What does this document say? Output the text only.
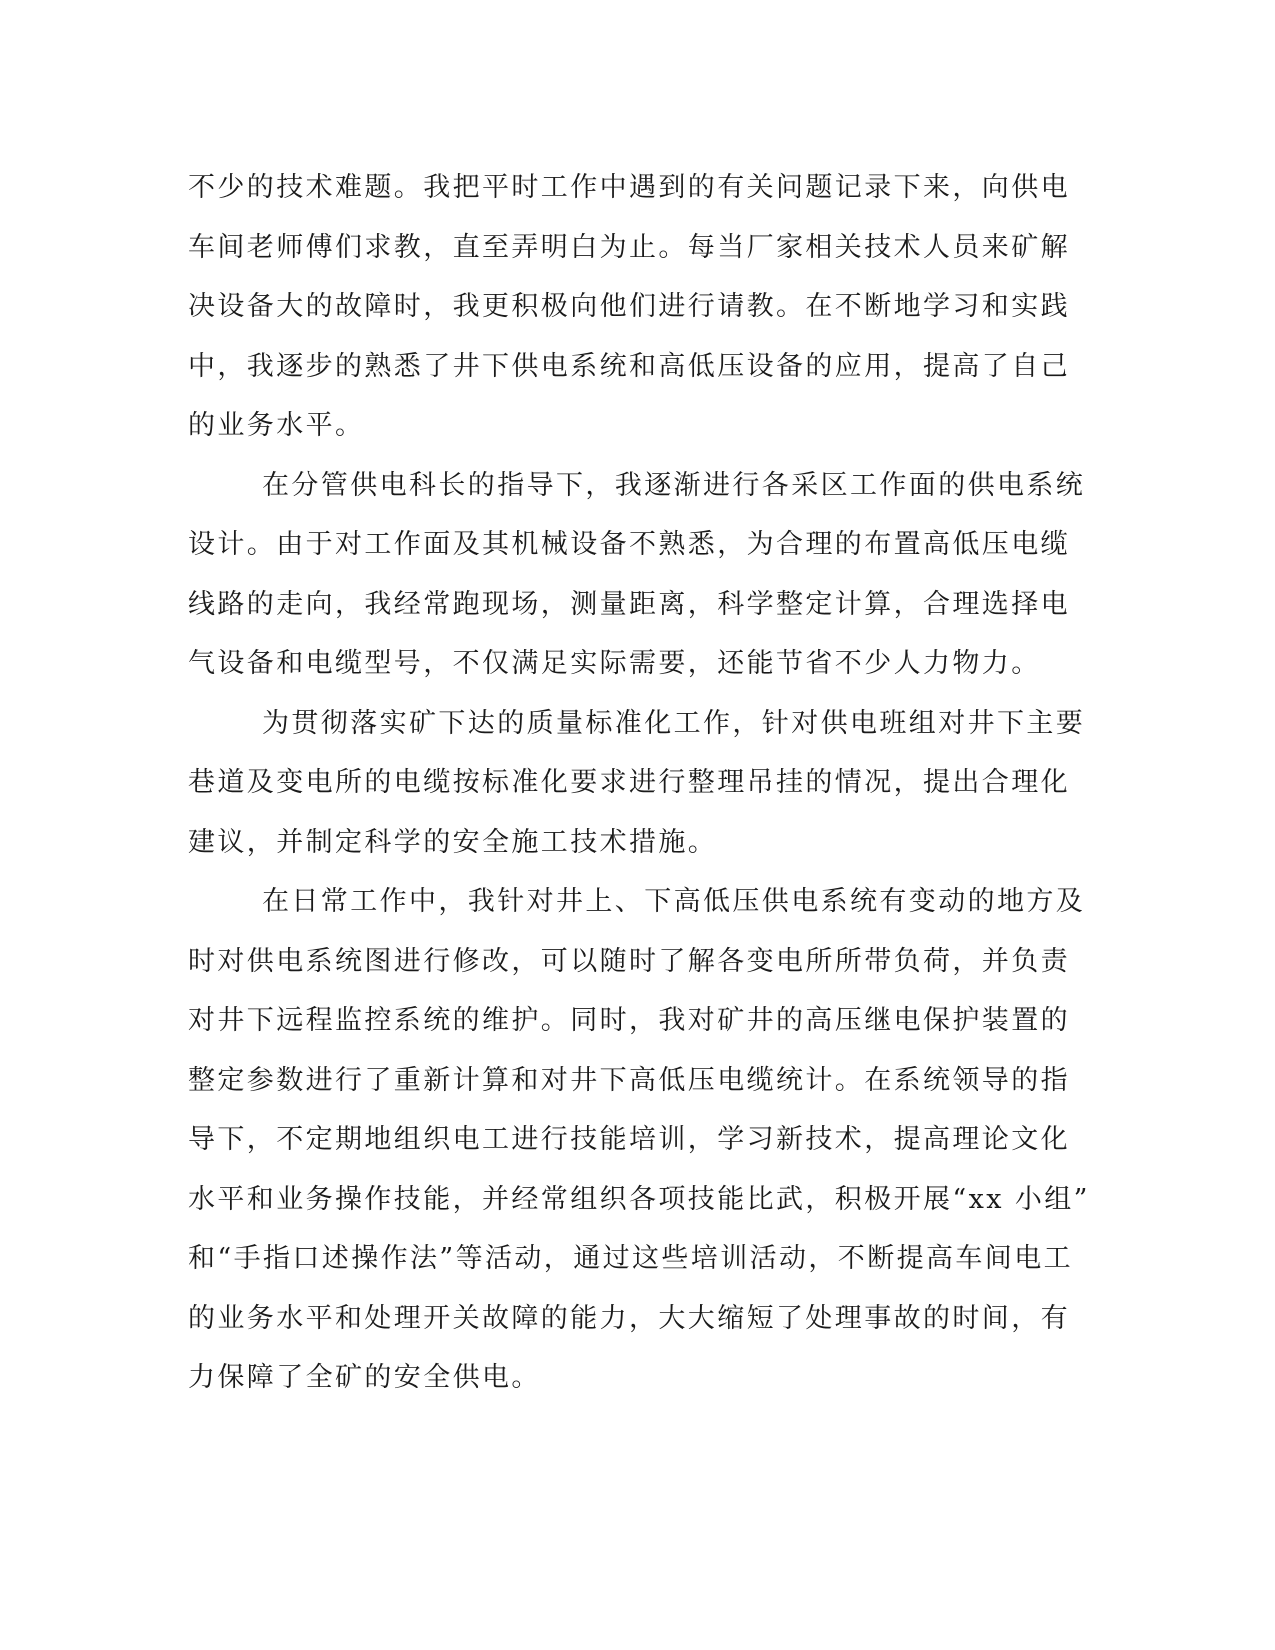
不少的技术难题。我把平时工作中遇到的有关问题记录下来，向供电
车间老师傅们求教，直至弄明白为止。每当厂家相关技术人员来矿解
决设备大的故障时，我更积极向他们进行请教。在不断地学习和实践
中，我逐步的熟悉了井下供电系统和高低压设备的应用，提高了自己
的业务水平。
在分管供电科长的指导下，我逐渐进行各采区工作面的供电系统
设计。由于对工作面及其机械设备不熟悉，为合理的布置高低压电缆
线路的走向，我经常跑现场，测量距离，科学整定计算，合理选择电
气设备和电缆型号，不仅满足实际需要，还能节省不少人力物力。
为贯彻落实矿下达的质量标准化工作，针对供电班组对井下主要
巷道及变电所的电缆按标准化要求进行整理吊挂的情况，提出合理化
建议，并制定科学的安全施工技术措施。
在日常工作中，我针对井上、下高低压供电系统有变动的地方及
时对供电系统图进行修改，可以随时了解各变电所所带负荷，并负责
对井下远程监控系统的维护。同时，我对矿井的高压继电保护装置的
整定参数进行了重新计算和对井下高低压电缆统计。在系统领导的指
导下，不定期地组织电工进行技能培训，学习新技术，提高理论文化
水平和业务操作技能，并经常组织各项技能比武，积极开展“xx 小组”
和“手指口述操作法”等活动，通过这些培训活动，不断提高车间电工
的业务水平和处理开关故障的能力，大大缩短了处理事故的时间，有
力保障了全矿的安全供电。
